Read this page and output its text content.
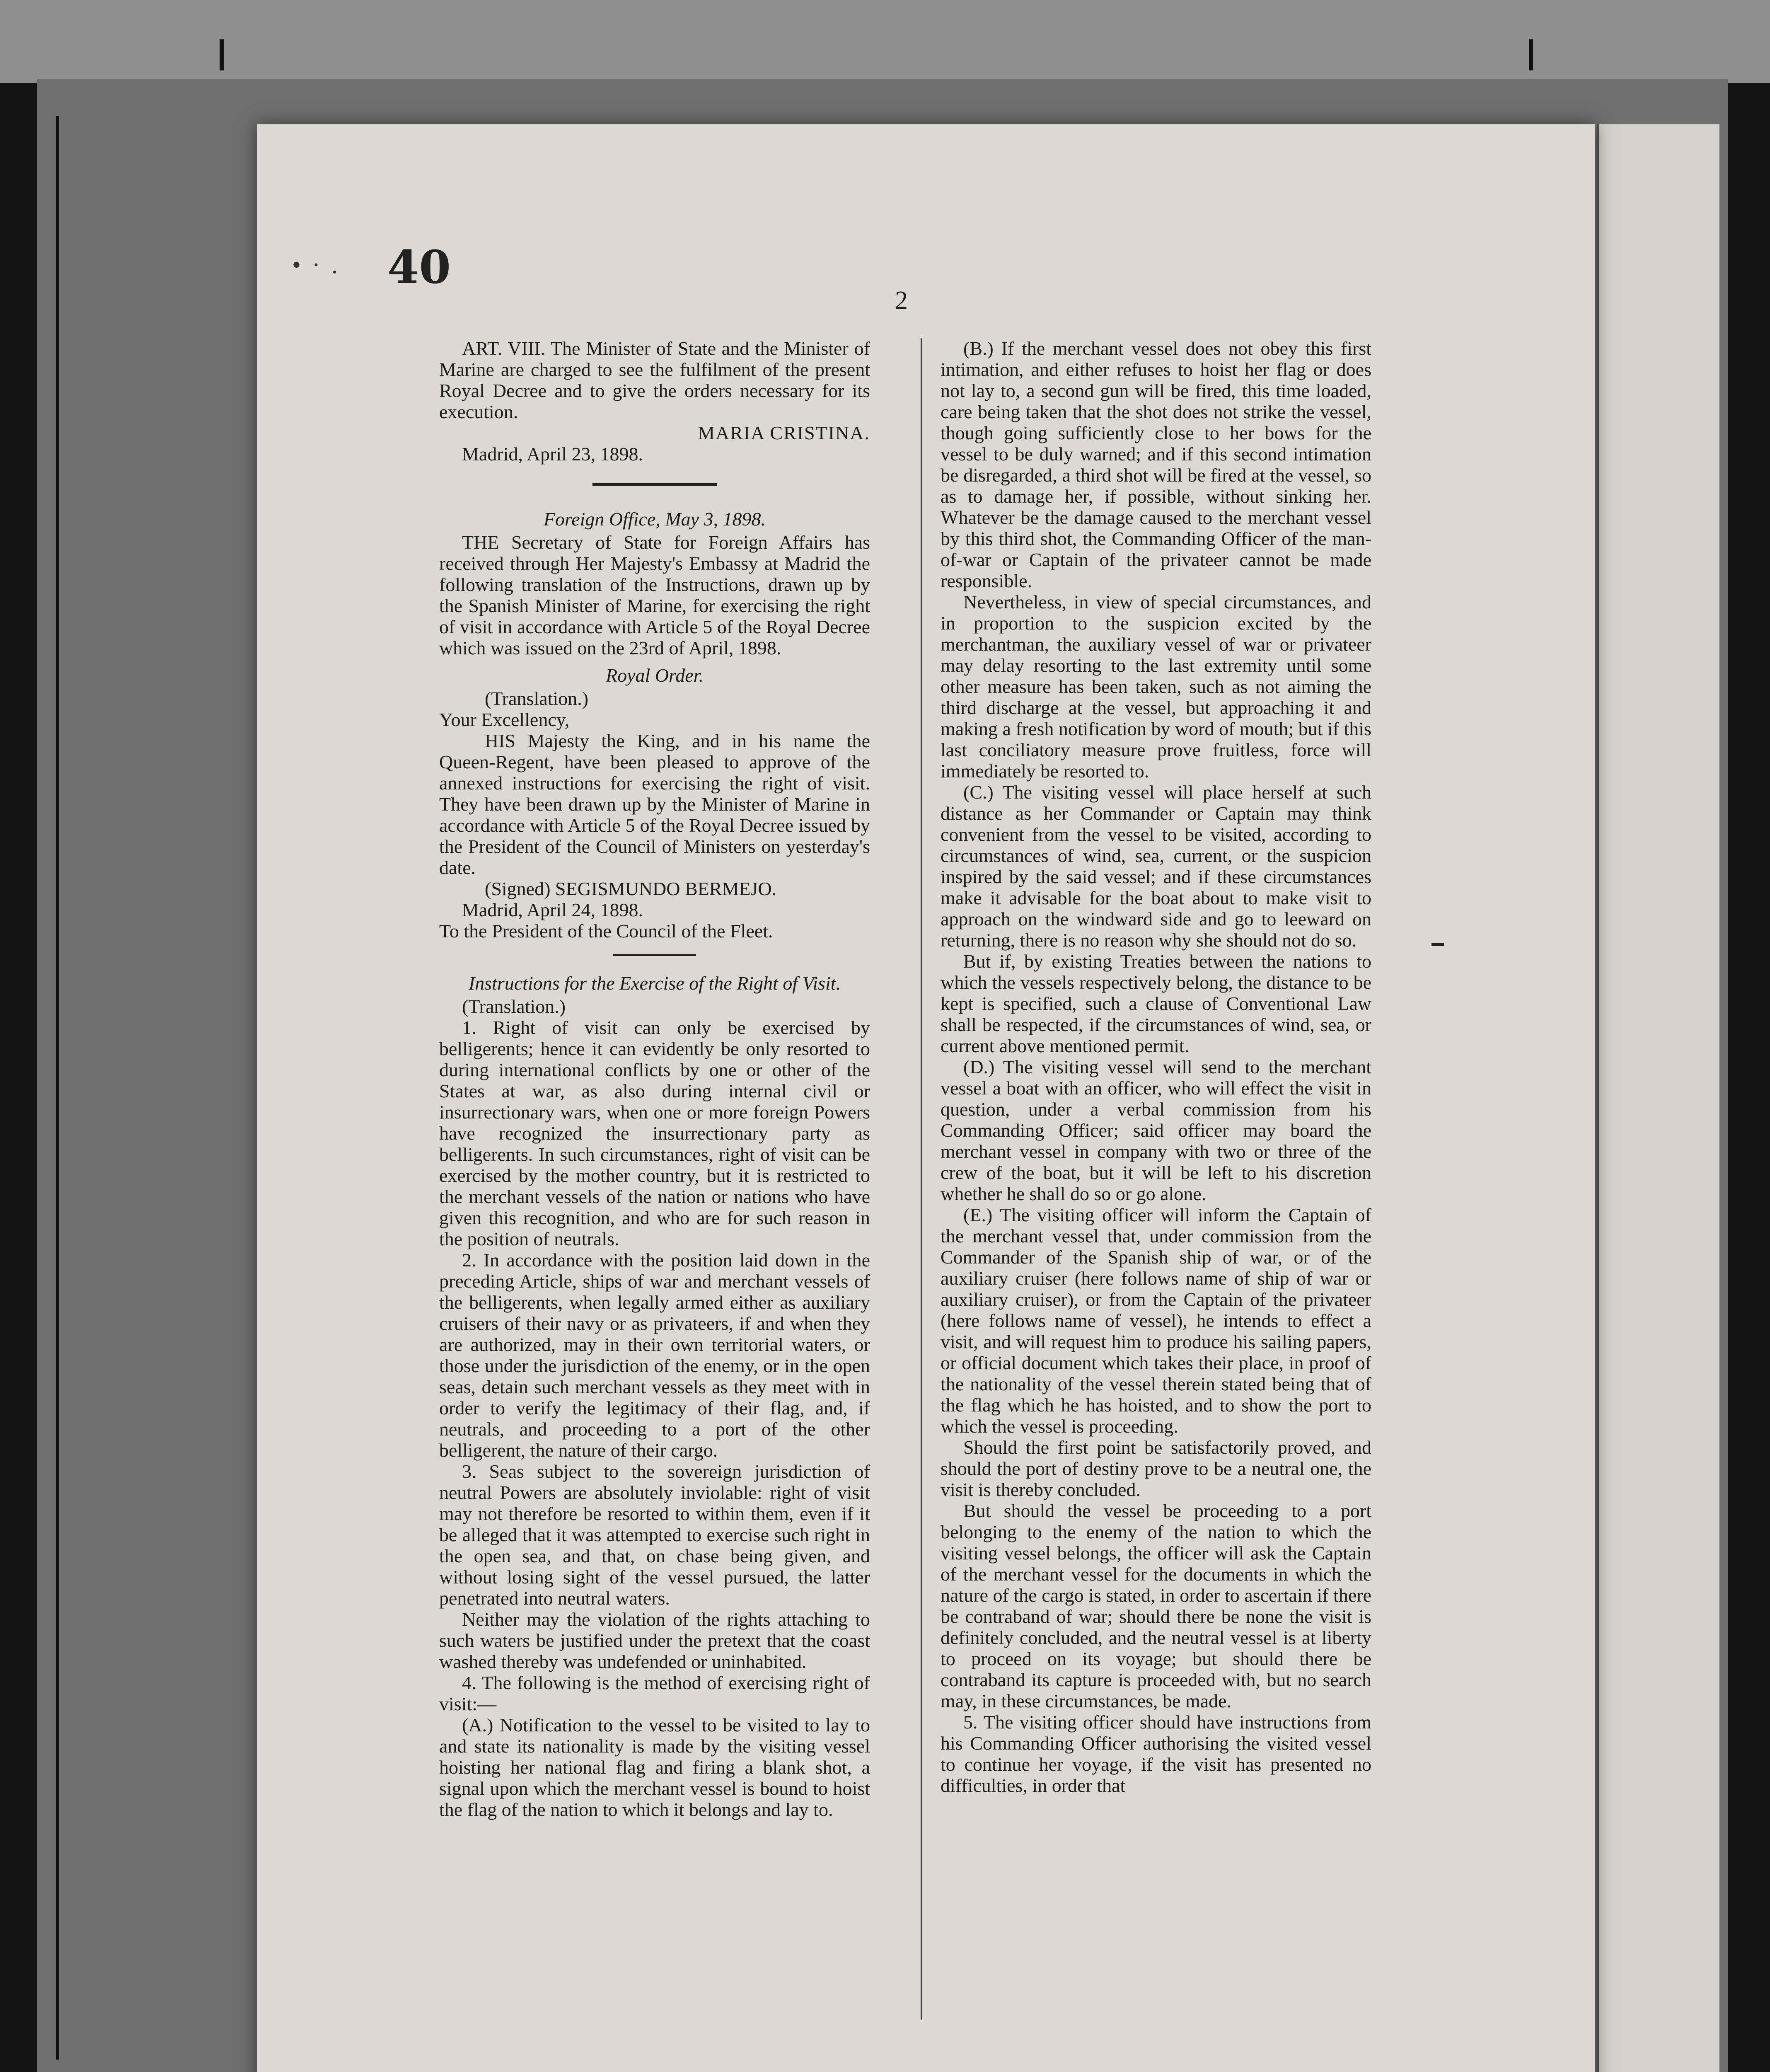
• · . 40
2

ART. VIII. The Minister of State and the Minister of Marine are charged to see the fulfilment of the present Royal Decree and to give the orders necessary for its execution.

MARIA CRISTINA.

Madrid, April 23, 1898.

Foreign Office, May 3, 1898.

THE Secretary of State for Foreign Affairs has received through Her Majesty's Embassy at Madrid the following translation of the Instructions, drawn up by the Spanish Minister of Marine, for exercising the right of visit in accordance with Article 5 of the Royal Decree which was issued on the 23rd of April, 1898.

Royal Order.

(Translation.)

Your Excellency,

HIS Majesty the King, and in his name the Queen-Regent, have been pleased to approve of the annexed instructions for exercising the right of visit. They have been drawn up by the Minister of Marine in accordance with Article 5 of the Royal Decree issued by the President of the Council of Ministers on yesterday's date.

(Signed) SEGISMUNDO BERMEJO.

Madrid, April 24, 1898.

To the President of the Council of the Fleet.

Instructions for the Exercise of the Right of Visit.

(Translation.)

1. Right of visit can only be exercised by belligerents; hence it can evidently be only resorted to during international conflicts by one or other of the States at war, as also during internal civil or insurrectionary wars, when one or more foreign Powers have recognized the insurrectionary party as belligerents. In such circumstances, right of visit can be exercised by the mother country, but it is restricted to the merchant vessels of the nation or nations who have given this recognition, and who are for such reason in the position of neutrals.

2. In accordance with the position laid down in the preceding Article, ships of war and merchant vessels of the belligerents, when legally armed either as auxiliary cruisers of their navy or as privateers, if and when they are authorized, may in their own territorial waters, or those under the jurisdiction of the enemy, or in the open seas, detain such merchant vessels as they meet with in order to verify the legitimacy of their flag, and, if neutrals, and proceeding to a port of the other belligerent, the nature of their cargo.

3. Seas subject to the sovereign jurisdiction of neutral Powers are absolutely inviolable: right of visit may not therefore be resorted to within them, even if it be alleged that it was attempted to exercise such right in the open sea, and that, on chase being given, and without losing sight of the vessel pursued, the latter penetrated into neutral waters.

Neither may the violation of the rights attaching to such waters be justified under the pretext that the coast washed thereby was undefended or uninhabited.

4. The following is the method of exercising right of visit:—

(A.) Notification to the vessel to be visited to lay to and state its nationality is made by the visiting vessel hoisting her national flag and firing a blank shot, a signal upon which the merchant vessel is bound to hoist the flag of the nation to which it belongs and lay to.

(B.) If the merchant vessel does not obey this first intimation, and either refuses to hoist her flag or does not lay to, a second gun will be fired, this time loaded, care being taken that the shot does not strike the vessel, though going sufficiently close to her bows for the vessel to be duly warned; and if this second intimation be disregarded, a third shot will be fired at the vessel, so as to damage her, if possible, without sinking her. Whatever be the damage caused to the merchant vessel by this third shot, the Commanding Officer of the man-of-war or Captain of the privateer cannot be made responsible.

Nevertheless, in view of special circumstances, and in proportion to the suspicion excited by the merchantman, the auxiliary vessel of war or privateer may delay resorting to the last extremity until some other measure has been taken, such as not aiming the third discharge at the vessel, but approaching it and making a fresh notification by word of mouth; but if this last conciliatory measure prove fruitless, force will immediately be resorted to.

(C.) The visiting vessel will place herself at such distance as her Commander or Captain may think convenient from the vessel to be visited, according to circumstances of wind, sea, current, or the suspicion inspired by the said vessel; and if these circumstances make it advisable for the boat about to make visit to approach on the windward side and go to leeward on returning, there is no reason why she should not do so.

But if, by existing Treaties between the nations to which the vessels respectively belong, the distance to be kept is specified, such a clause of Conventional Law shall be respected, if the circumstances of wind, sea, or current above mentioned permit.

(D.) The visiting vessel will send to the merchant vessel a boat with an officer, who will effect the visit in question, under a verbal commission from his Commanding Officer; said officer may board the merchant vessel in company with two or three of the crew of the boat, but it will be left to his discretion whether he shall do so or go alone.

(E.) The visiting officer will inform the Captain of the merchant vessel that, under commission from the Commander of the Spanish ship of war, or of the auxiliary cruiser (here follows name of ship of war or auxiliary cruiser), or from the Captain of the privateer (here follows name of vessel), he intends to effect a visit, and will request him to produce his sailing papers, or official document which takes their place, in proof of the nationality of the vessel therein stated being that of the flag which he has hoisted, and to show the port to which the vessel is proceeding.

Should the first point be satisfactorily proved, and should the port of destiny prove to be a neutral one, the visit is thereby concluded.

But should the vessel be proceeding to a port belonging to the enemy of the nation to which the visiting vessel belongs, the officer will ask the Captain of the merchant vessel for the documents in which the nature of the cargo is stated, in order to ascertain if there be contraband of war; should there be none the visit is definitely concluded, and the neutral vessel is at liberty to proceed on its voyage; but should there be contraband its capture is proceeded with, but no search may, in these circumstances, be made.

5. The visiting officer should have instructions from his Commanding Officer authorising the visited vessel to continue her voyage, if the visit has presented no difficulties, in order that
